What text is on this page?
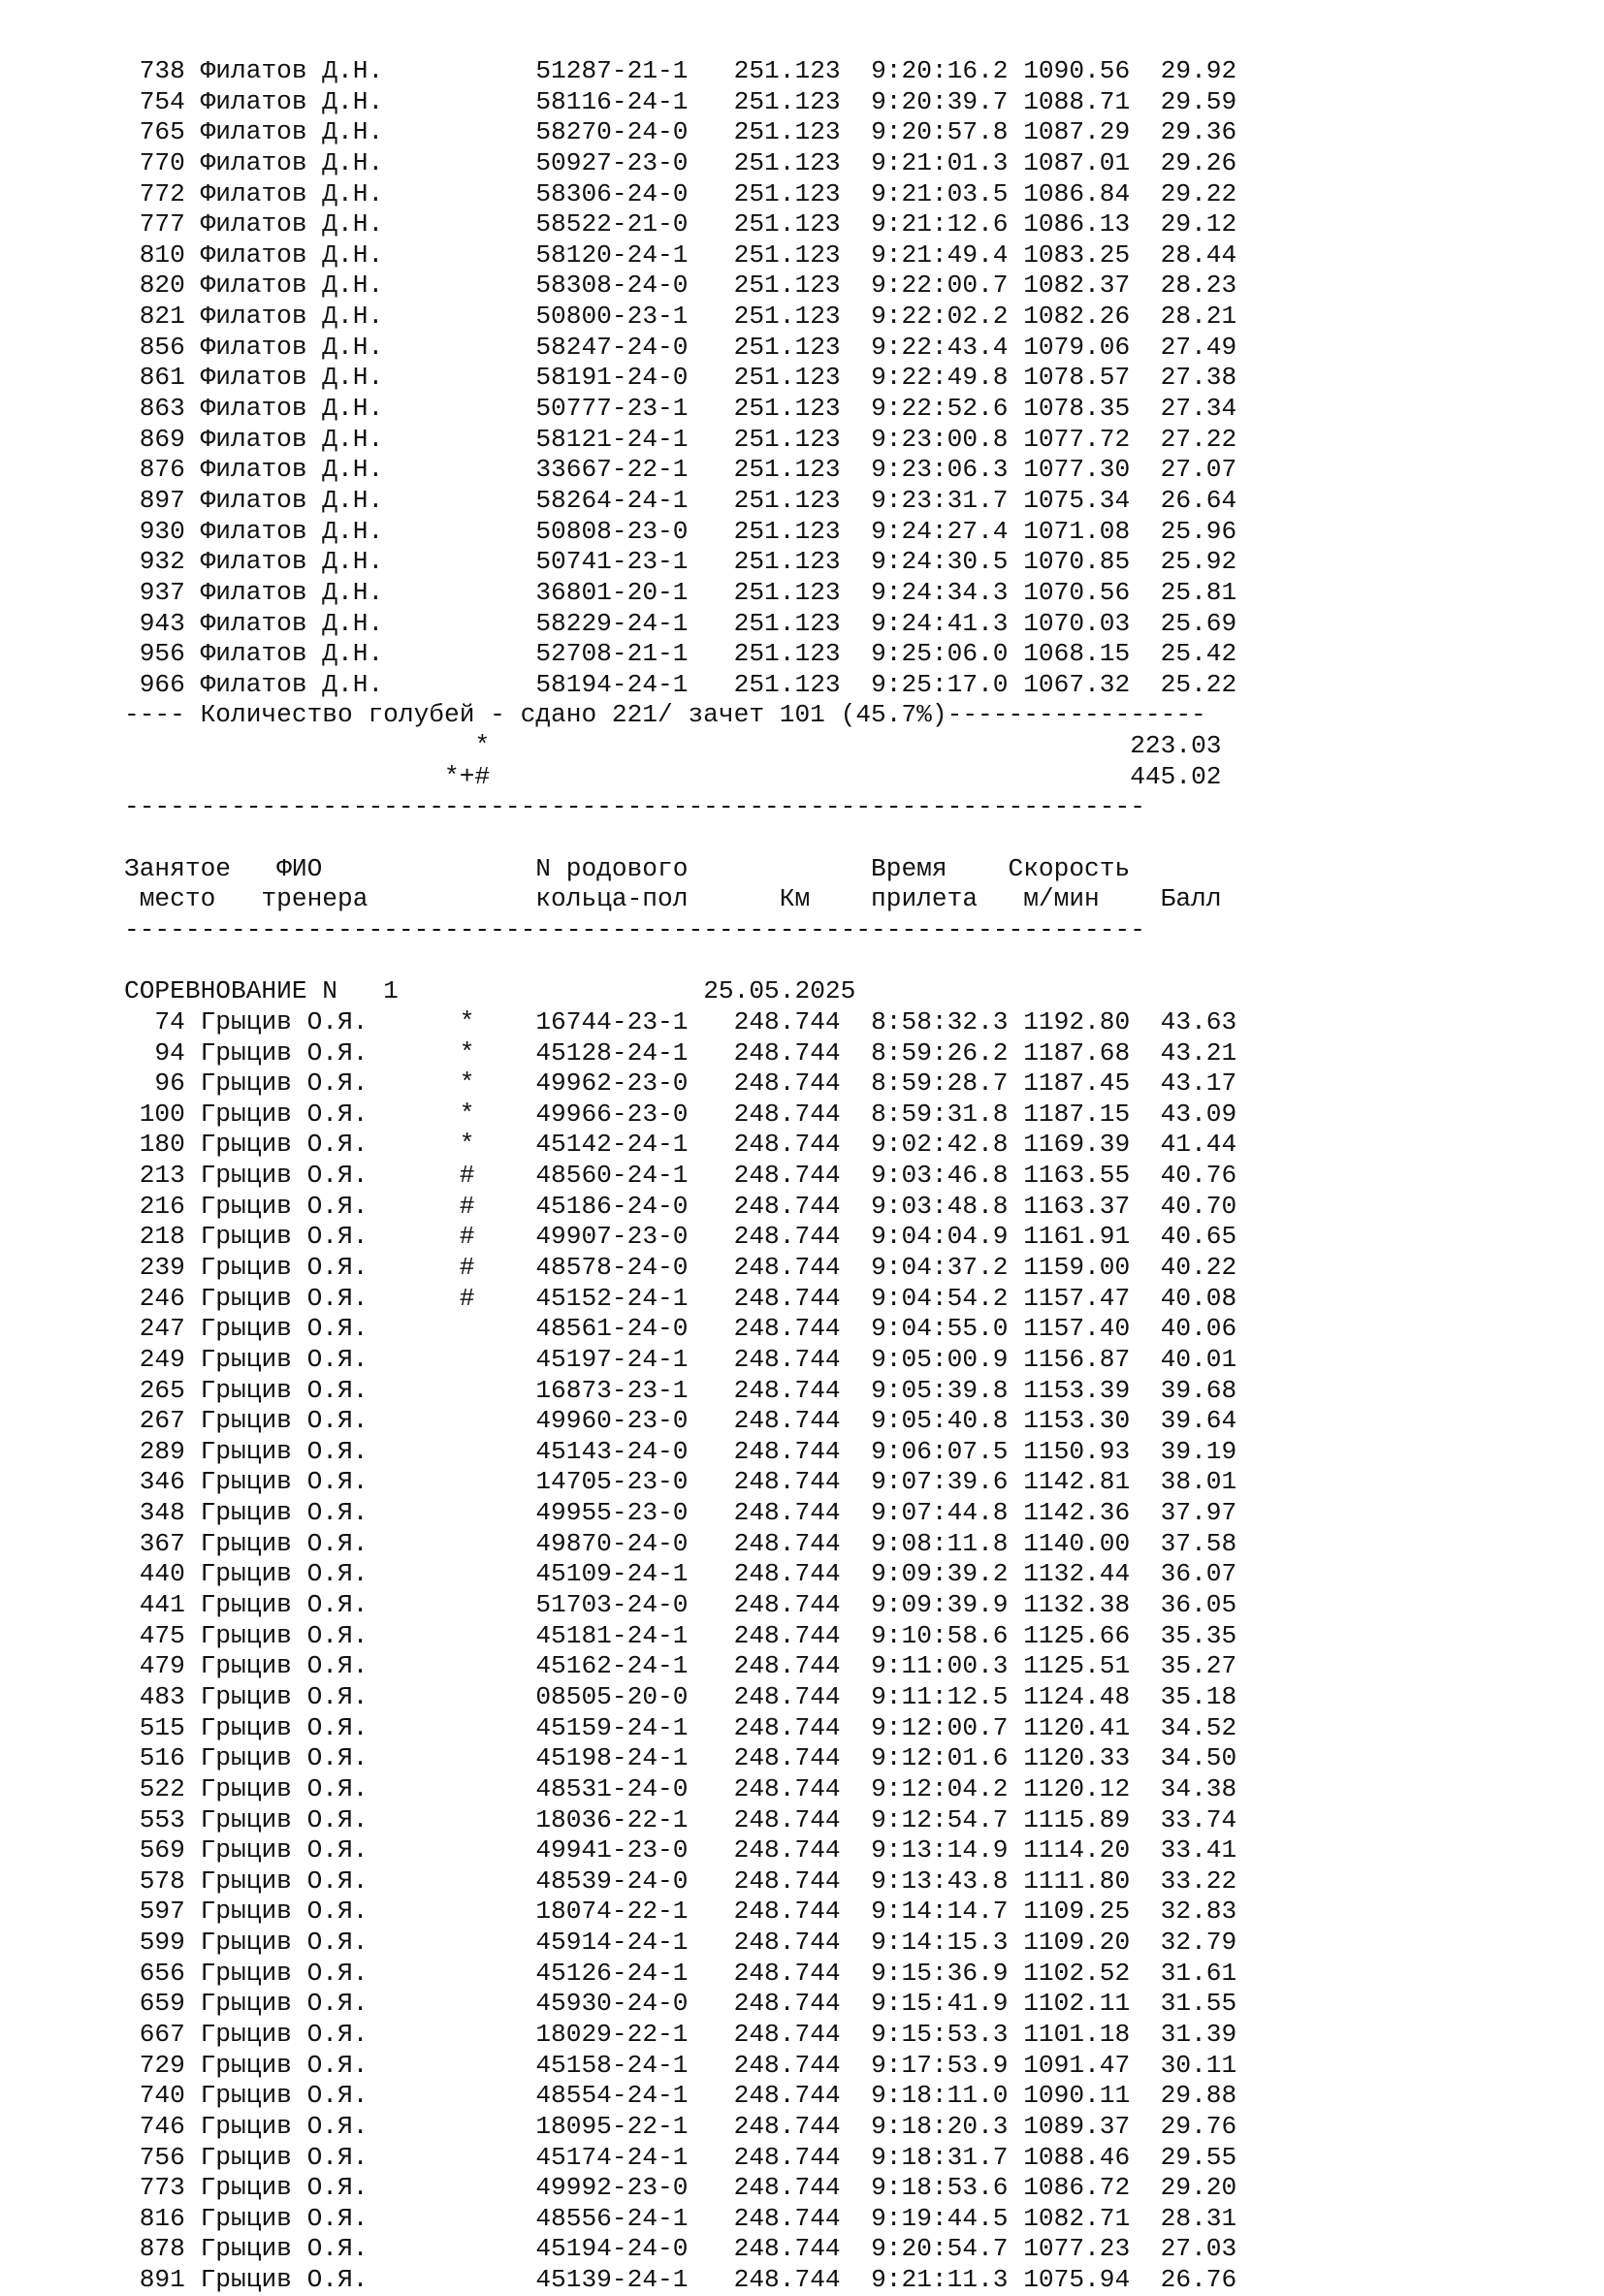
738 Филатов Д.Н.	51287-21-1   251.123  9:20:16.2 1090.56  29.92
754 Филатов Д.Н.	58116-24-1   251.123  9:20:39.7 1088.71  29.59
765 Филатов Д.Н.	58270-24-0   251.123  9:20:57.8 1087.29  29.36
770 Филатов Д.Н.	50927-23-0   251.123  9:21:01.3 1087.01  29.26
772 Филатов Д.Н.	58306-24-0   251.123  9:21:03.5 1086.84  29.22
777 Филатов Д.Н.	58522-21-0   251.123  9:21:12.6 1086.13  29.12
810 Филатов Д.Н.	58120-24-1   251.123  9:21:49.4 1083.25  28.44
820 Филатов Д.Н.	58308-24-0   251.123  9:22:00.7 1082.37  28.23
821 Филатов Д.Н.	50800-23-1   251.123  9:22:02.2 1082.26  28.21
856 Филатов Д.Н.	58247-24-0   251.123  9:22:43.4 1079.06  27.49
861 Филатов Д.Н.	58191-24-0   251.123  9:22:49.8 1078.57  27.38
863 Филатов Д.Н.	50777-23-1   251.123  9:22:52.6 1078.35  27.34
869 Филатов Д.Н.	58121-24-1   251.123  9:23:00.8 1077.72  27.22
876 Филатов Д.Н.	33667-22-1   251.123  9:23:06.3 1077.30  27.07
897 Филатов Д.Н.	58264-24-1   251.123  9:23:31.7 1075.34  26.64
930 Филатов Д.Н.	50808-23-0   251.123  9:24:27.4 1071.08  25.96
932 Филатов Д.Н.	50741-23-1   251.123  9:24:30.5 1070.85  25.92
937 Филатов Д.Н.	36801-20-1   251.123  9:24:34.3 1070.56  25.81
943 Филатов Д.Н.	58229-24-1   251.123  9:24:41.3 1070.03  25.69
956 Филатов Д.Н.	52708-21-1   251.123  9:25:06.0 1068.15  25.42
966 Филатов Д.Н.	58194-24-1   251.123  9:25:17.0 1067.32  25.22
---- Количество голубей - сдано 221/ зачет 101 (45.7%)-----------------
*	223.03
*+#	445.02
-------------------------------------------------------------------

Занятое   ФИО              N родового            Время    Скорость
место   тренера           кольца-пол      Км    прилета   м/мин    Балл
-------------------------------------------------------------------

СОРЕВНОВАНИЕ N   1	25.05.2025
74 Грыцив О.Я.      *    16744-23-1   248.744  8:58:32.3 1192.80  43.63
94 Грыцив О.Я.      *    45128-24-1   248.744  8:59:26.2 1187.68  43.21
96 Грыцив О.Я.      *    49962-23-0   248.744  8:59:28.7 1187.45  43.17
100 Грыцив О.Я.      *    49966-23-0   248.744  8:59:31.8 1187.15  43.09
180 Грыцив О.Я.      *    45142-24-1   248.744  9:02:42.8 1169.39  41.44
213 Грыцив О.Я.      #    48560-24-1   248.744  9:03:46.8 1163.55  40.76
216 Грыцив О.Я.      #    45186-24-0   248.744  9:03:48.8 1163.37  40.70
218 Грыцив О.Я.      #    49907-23-0   248.744  9:04:04.9 1161.91  40.65
239 Грыцив О.Я.      #    48578-24-0   248.744  9:04:37.2 1159.00  40.22
246 Грыцив О.Я.      #    45152-24-1   248.744  9:04:54.2 1157.47  40.08
247 Грыцив О.Я.	48561-24-0   248.744  9:04:55.0 1157.40  40.06
249 Грыцив О.Я.	45197-24-1   248.744  9:05:00.9 1156.87  40.01
265 Грыцив О.Я.	16873-23-1   248.744  9:05:39.8 1153.39  39.68
267 Грыцив О.Я.	49960-23-0   248.744  9:05:40.8 1153.30  39.64
289 Грыцив О.Я.	45143-24-0   248.744  9:06:07.5 1150.93  39.19
346 Грыцив О.Я.	14705-23-0   248.744  9:07:39.6 1142.81  38.01
348 Грыцив О.Я.	49955-23-0   248.744  9:07:44.8 1142.36  37.97
367 Грыцив О.Я.	49870-24-0   248.744  9:08:11.8 1140.00  37.58
440 Грыцив О.Я.	45109-24-1   248.744  9:09:39.2 1132.44  36.07
441 Грыцив О.Я.	51703-24-0   248.744  9:09:39.9 1132.38  36.05
475 Грыцив О.Я.	45181-24-1   248.744  9:10:58.6 1125.66  35.35
479 Грыцив О.Я.	45162-24-1   248.744  9:11:00.3 1125.51  35.27
483 Грыцив О.Я.	08505-20-0   248.744  9:11:12.5 1124.48  35.18
515 Грыцив О.Я.	45159-24-1   248.744  9:12:00.7 1120.41  34.52
516 Грыцив О.Я.	45198-24-1   248.744  9:12:01.6 1120.33  34.50
522 Грыцив О.Я.	48531-24-0   248.744  9:12:04.2 1120.12  34.38
553 Грыцив О.Я.	18036-22-1   248.744  9:12:54.7 1115.89  33.74
569 Грыцив О.Я.	49941-23-0   248.744  9:13:14.9 1114.20  33.41
578 Грыцив О.Я.	48539-24-0   248.744  9:13:43.8 1111.80  33.22
597 Грыцив О.Я.	18074-22-1   248.744  9:14:14.7 1109.25  32.83
599 Грыцив О.Я.	45914-24-1   248.744  9:14:15.3 1109.20  32.79
656 Грыцив О.Я.	45126-24-1   248.744  9:15:36.9 1102.52  31.61
659 Грыцив О.Я.	45930-24-0   248.744  9:15:41.9 1102.11  31.55
667 Грыцив О.Я.	18029-22-1   248.744  9:15:53.3 1101.18  31.39
729 Грыцив О.Я.	45158-24-1   248.744  9:17:53.9 1091.47  30.11
740 Грыцив О.Я.	48554-24-1   248.744  9:18:11.0 1090.11  29.88
746 Грыцив О.Я.	18095-22-1   248.744  9:18:20.3 1089.37  29.76
756 Грыцив О.Я.	45174-24-1   248.744  9:18:31.7 1088.46  29.55
773 Грыцив О.Я.	49992-23-0   248.744  9:18:53.6 1086.72  29.20
816 Грыцив О.Я.	48556-24-1   248.744  9:19:44.5 1082.71  28.31
878 Грыцив О.Я.	45194-24-0   248.744  9:20:54.7 1077.23  27.03
891 Грыцив О.Я.	45139-24-1   248.744  9:21:11.3 1075.94  26.76
